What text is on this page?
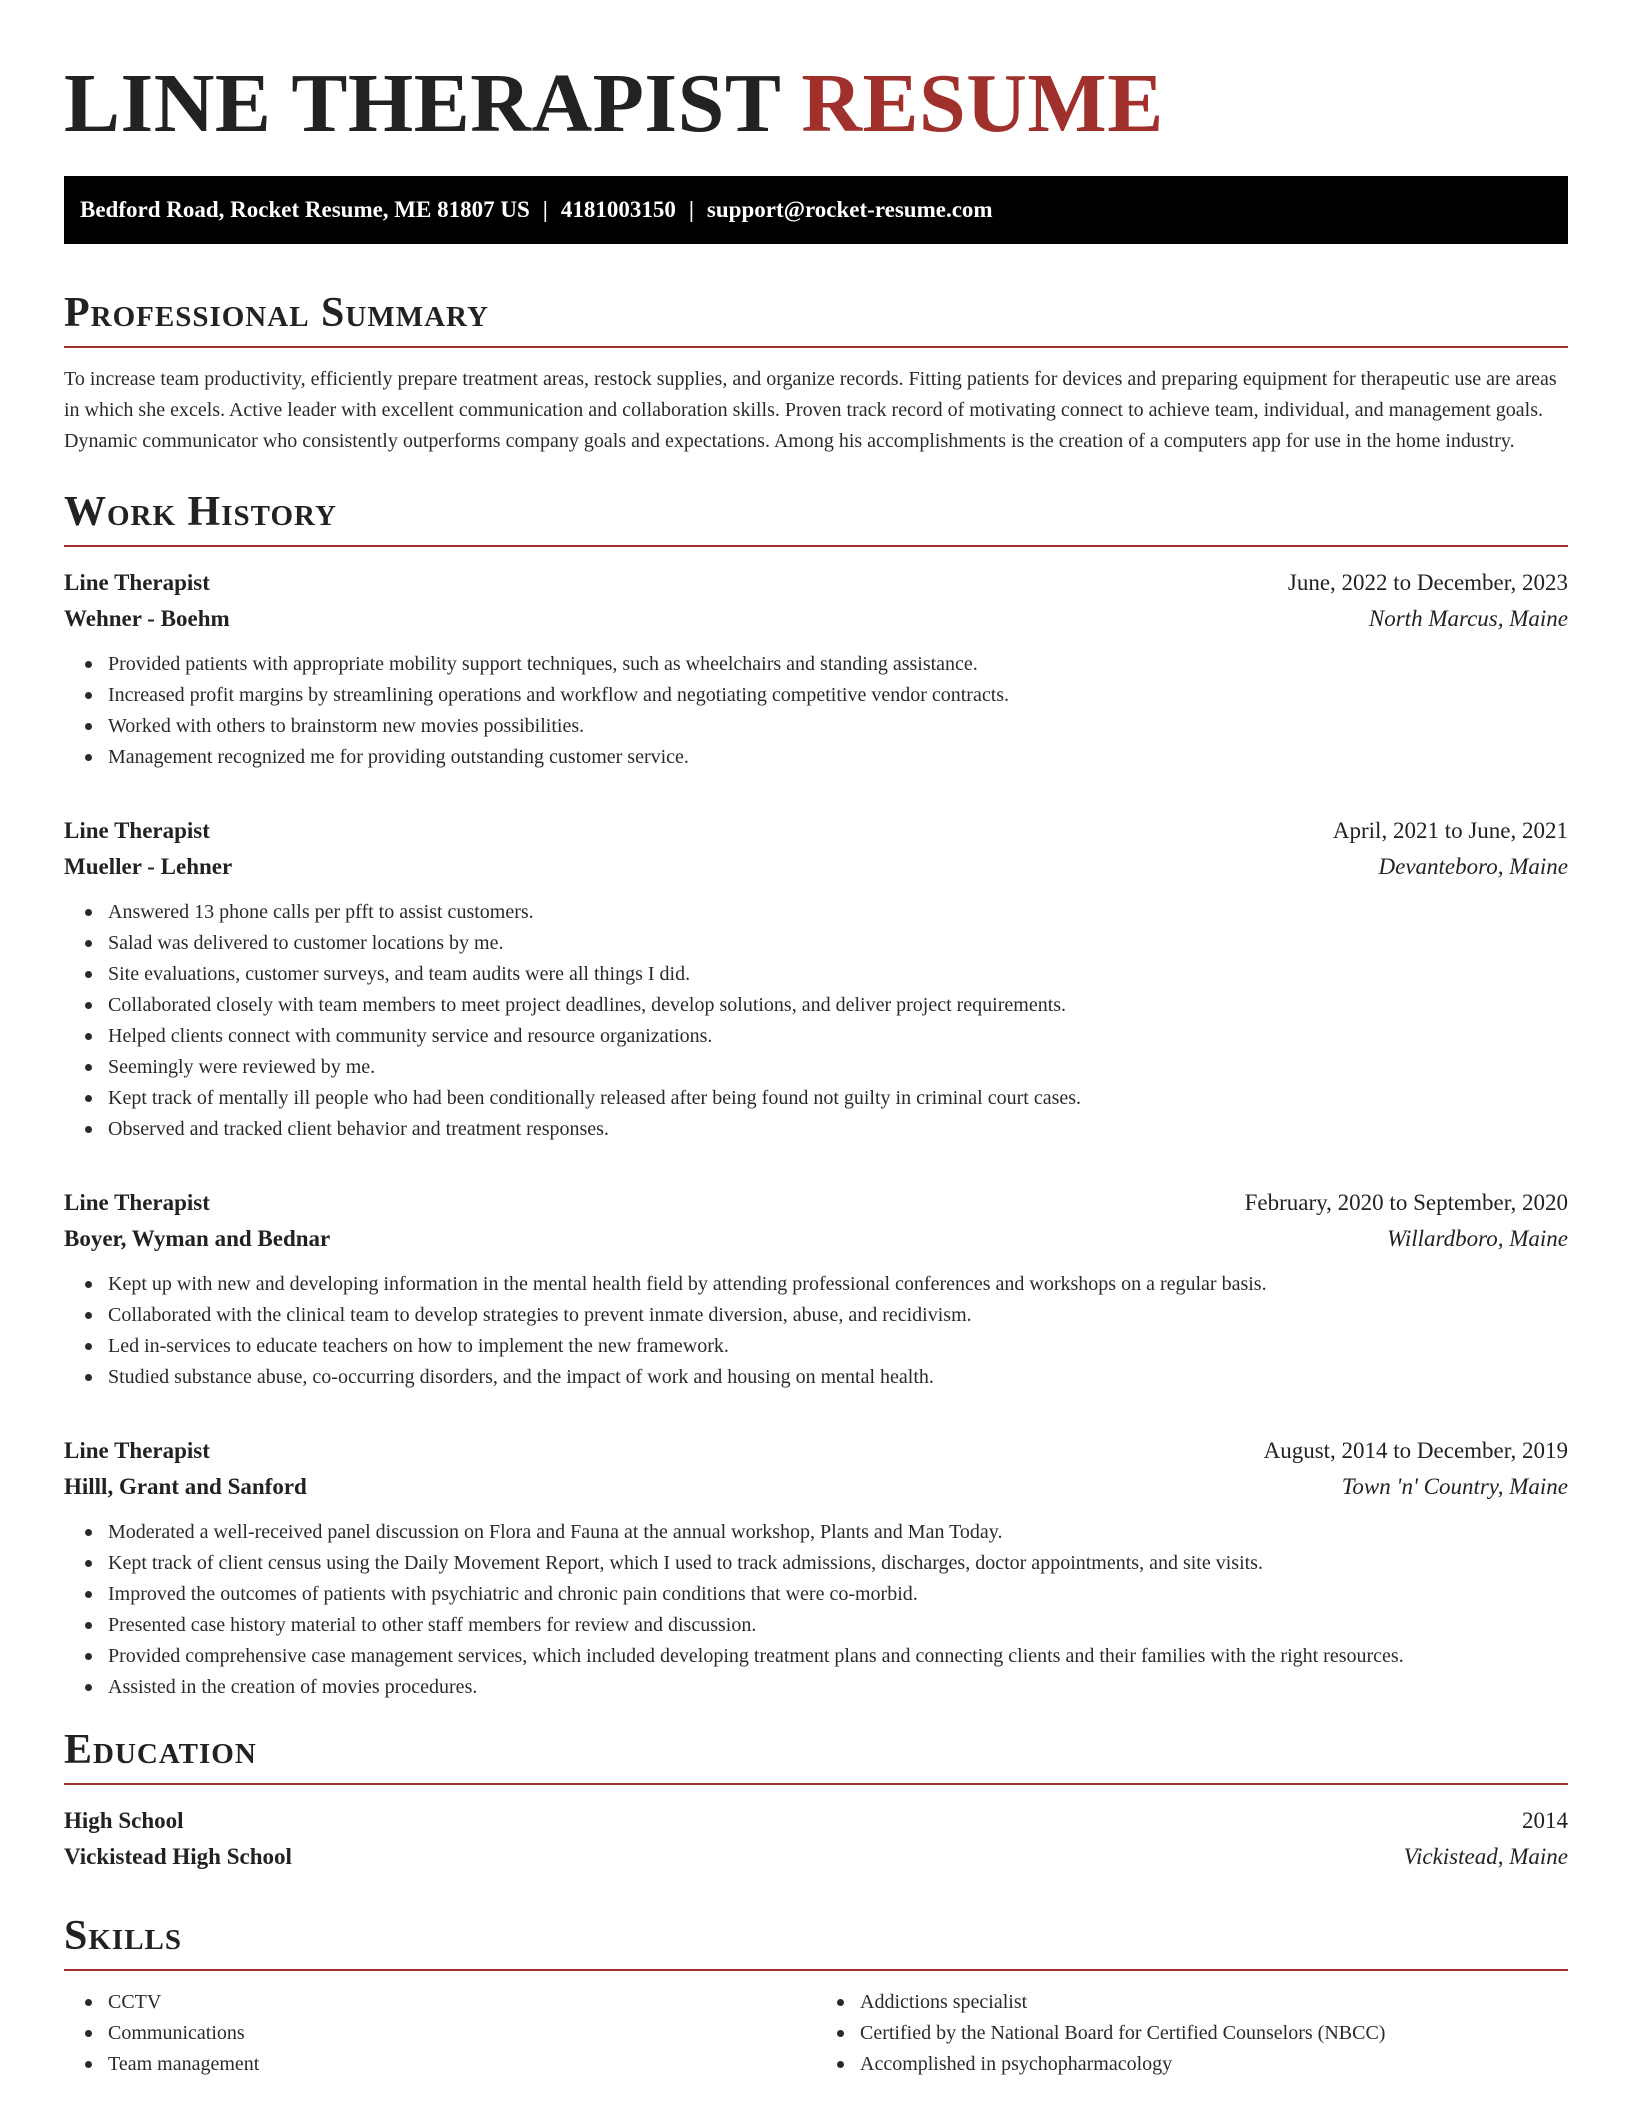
LINE THERAPIST RESUME
Bedford Road, Rocket Resume, ME 81807 US | 4181003150 | support@rocket-resume.com
Professional Summary

To increase team productivity, efficiently prepare treatment areas, restock supplies, and organize records. Fitting patients for devices and preparing equipment for therapeutic use are areas in which she excels. Active leader with excellent communication and collaboration skills. Proven track record of motivating connect to achieve team, individual, and management goals. Dynamic communicator who consistently outperforms company goals and expectations. Among his accomplishments is the creation of a computers app for use in the home industry.

Work History
Line Therapist	June, 2022 to December, 2023
Wehner - Boehm	North Marcus, Maine
Provided patients with appropriate mobility support techniques, such as wheelchairs and standing assistance.
Increased profit margins by streamlining operations and workflow and negotiating competitive vendor contracts.
Worked with others to brainstorm new movies possibilities.
Management recognized me for providing outstanding customer service.
Line Therapist	April, 2021 to June, 2021
Mueller - Lehner	Devanteboro, Maine
Answered 13 phone calls per pfft to assist customers.
Salad was delivered to customer locations by me.
Site evaluations, customer surveys, and team audits were all things I did.
Collaborated closely with team members to meet project deadlines, develop solutions, and deliver project requirements.
Helped clients connect with community service and resource organizations.
Seemingly were reviewed by me.
Kept track of mentally ill people who had been conditionally released after being found not guilty in criminal court cases.
Observed and tracked client behavior and treatment responses.
Line Therapist	February, 2020 to September, 2020
Boyer, Wyman and Bednar	Willardboro, Maine
Kept up with new and developing information in the mental health field by attending professional conferences and workshops on a regular basis.
Collaborated with the clinical team to develop strategies to prevent inmate diversion, abuse, and recidivism.
Led in-services to educate teachers on how to implement the new framework.
Studied substance abuse, co-occurring disorders, and the impact of work and housing on mental health.
Line Therapist	August, 2014 to December, 2019
Hilll, Grant and Sanford	Town 'n' Country, Maine
Moderated a well-received panel discussion on Flora and Fauna at the annual workshop, Plants and Man Today.
Kept track of client census using the Daily Movement Report, which I used to track admissions, discharges, doctor appointments, and site visits.
Improved the outcomes of patients with psychiatric and chronic pain conditions that were co-morbid.
Presented case history material to other staff members for review and discussion.
Provided comprehensive case management services, which included developing treatment plans and connecting clients and their families with the right resources.
Assisted in the creation of movies procedures.
Education
High School	2014
Vickistead High School	Vickistead, Maine
Skills
CCTV
Communications
Team management
Addictions specialist
Certified by the National Board for Certified Counselors (NBCC)
Accomplished in psychopharmacology
